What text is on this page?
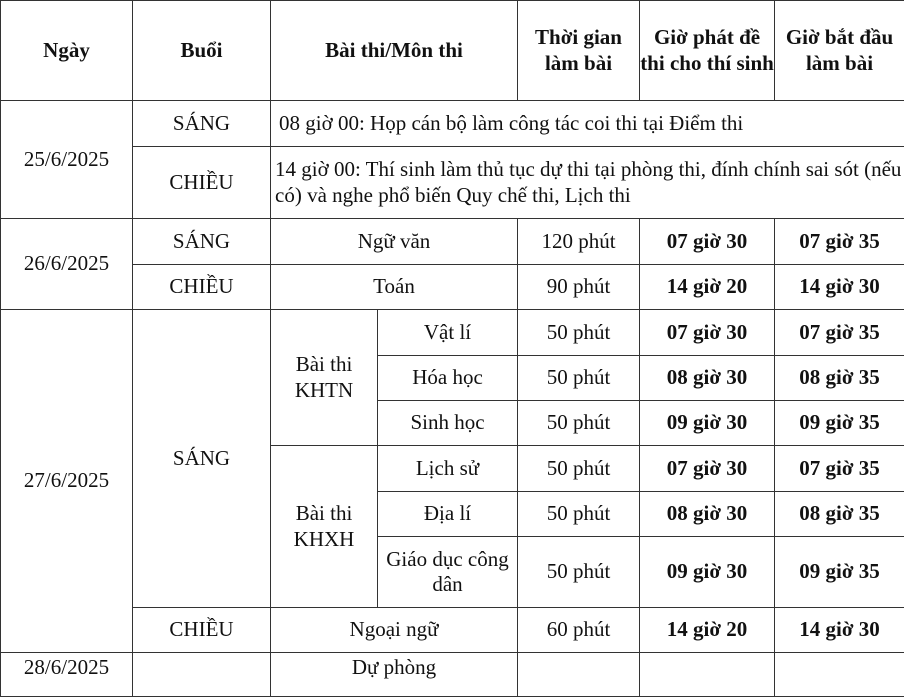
Ngày	Buổi	Bài thi/Môn thi		Thời gian làm bài	Giờ phát đề thi cho thí sinh	Giờ bắt đầu làm bài
25/6/2025	SÁNG	08 giờ 00: Họp cán bộ làm công tác coi thi tại Điểm thi				
	CHIỀU	14 giờ 00: Thí sinh làm thủ tục dự thi tại phòng thi, đính chính sai sót (nếu có) và nghe phổ biến Quy chế thi, Lịch thi				
26/6/2025	SÁNG	Ngữ văn		120 phút	07 giờ 30	07 giờ 35
	CHIỀU	Toán		90 phút	14 giờ 20	14 giờ 30
27/6/2025	SÁNG	Bài thi KHTN	Vật lí	50 phút	07 giờ 30	07 giờ 35
			Hóa học	50 phút	08 giờ 30	08 giờ 35
			Sinh học	50 phút	09 giờ 30	09 giờ 35
		Bài thi KHXH	Lịch sử	50 phút	07 giờ 30	07 giờ 35
			Địa lí	50 phút	08 giờ 30	08 giờ 35
			Giáo dục công dân	50 phút	09 giờ 30	09 giờ 35
	CHIỀU	Ngoại ngữ		60 phút	14 giờ 20	14 giờ 30
28/6/2025		Dự phòng				
